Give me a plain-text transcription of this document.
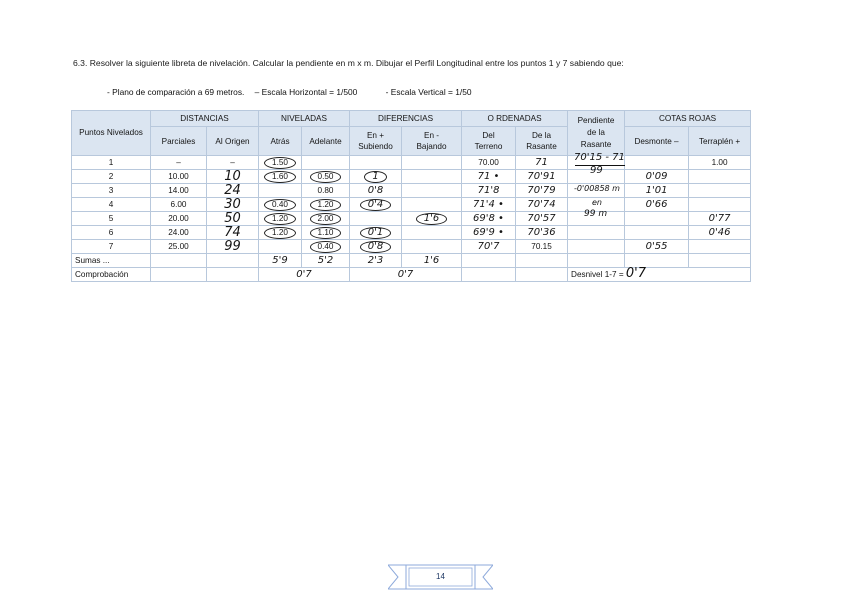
6.3. Resolver la siguiente libreta de nivelación. Calcular la pendiente en m x m. Dibujar el Perfil Longitudinal entre los puntos 1 y 7 sabiendo que:
- Plano de comparación a 69 metros. – Escala Horizontal = 1/500	- Escala Vertical = 1/50
Puntos Nivelados	DISTANCIAS		NIVELADAS		DIFERENCIAS		O RDENADAS		Pendiente de la Rasante	COTAS ROJAS	
	Parciales	Al Origen	Atrás	Adelante	En + Subiendo	En - Bajando	Del Terreno	De la Rasante		Desmonte –	Terraplén +
1	–	–	1.50				70.00	71			1.00
2	10.00	10	1.60	0.50	1		71 •	70'91		0'09	
3	14.00	24		0.80	0'8		71'8	70'79		1'01	
4	6.00	30	0.40	1.20	0'4		71'4 •	70'74		0'66	
5	20.00	50	1.20	2.00		1'6	69'8 •	70'57			0'77
6	24.00	74	1.20	1.10	0'1		69'9 •	70'36			0'46
7	25.00	99		0.40	0'8		70'7	70.15		0'55	
Sumas ...			5'9	5'2	2'3	1'6					
Comprobación			0'7		0'7				Desnivel 1-7 = 0'7		
70'15 - 71
99
-0'00858 m
en
99 m
14
